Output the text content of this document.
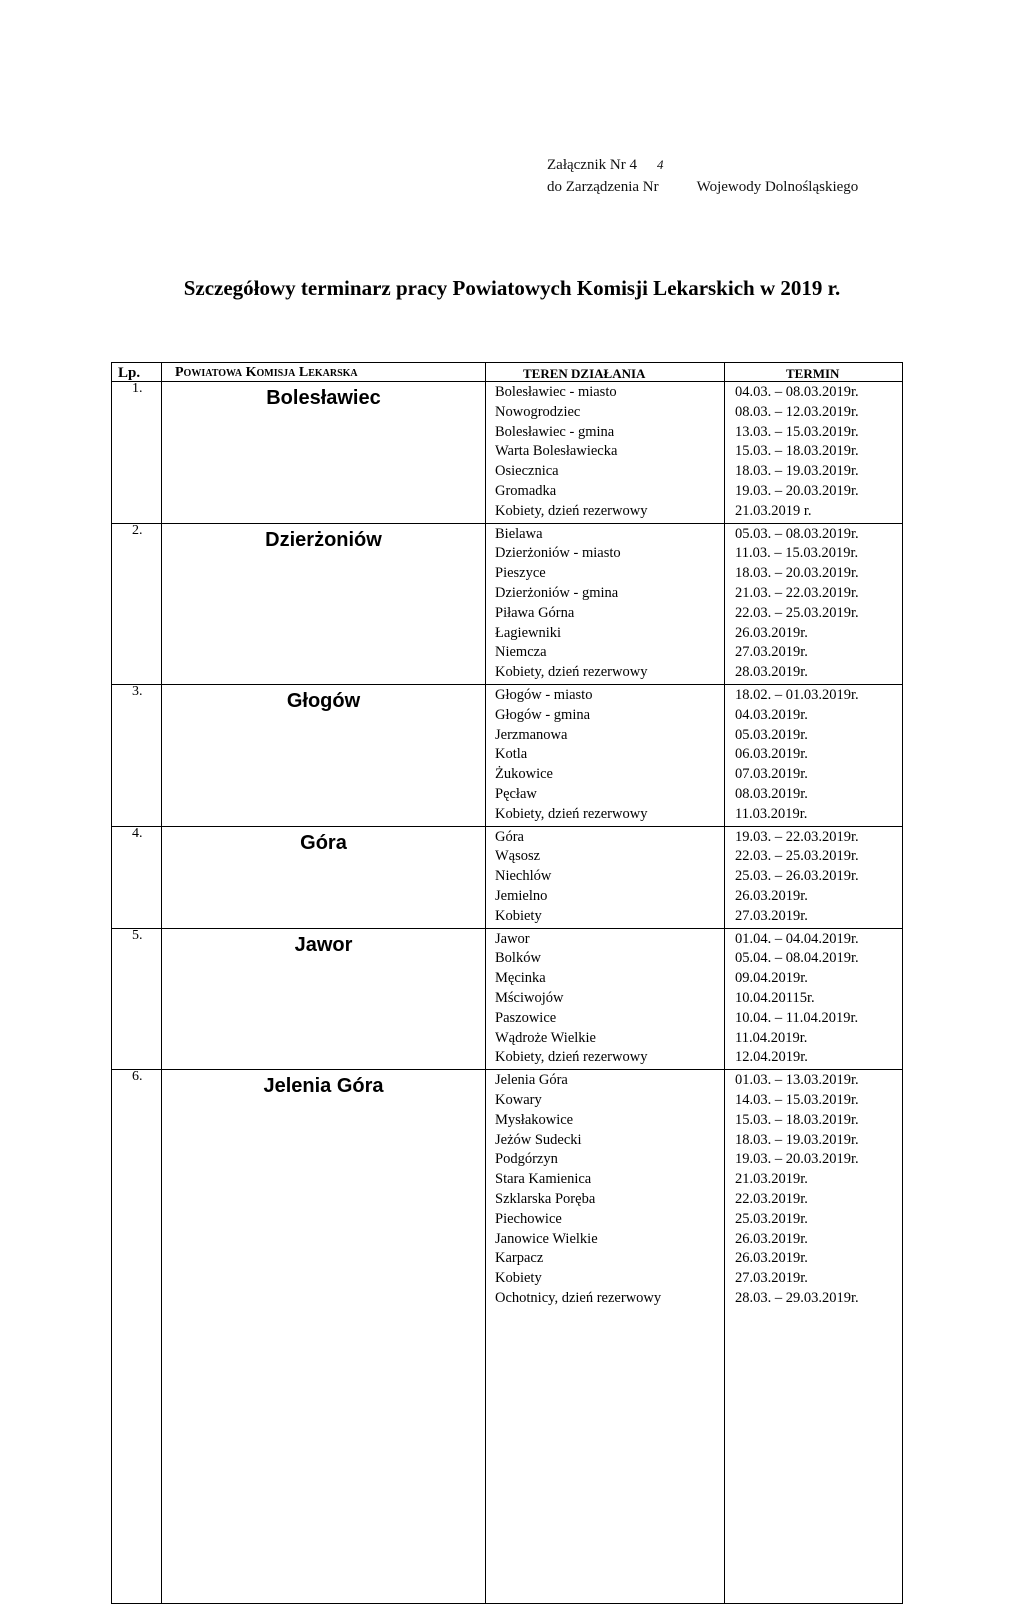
Załącznik Nr 4 4
do Zarządzenia Nr	Wojewody Dolnośląskiego
Szczegółowy terminarz pracy Powiatowych Komisji Lekarskich w 2019 r.
Lp. Powiatowa Komisja Lekarska	TEREN DZIAŁANIA	TERMIN
1.	Bolesławiec	Bolesławiec - miasto	04.03. – 08.03.2019r.
Nowogrodziec	08.03. – 12.03.2019r.
Bolesławiec - gmina	13.03. – 15.03.2019r.
Warta Bolesławiecka	15.03. – 18.03.2019r.
Osiecznica	18.03. – 19.03.2019r.
Gromadka	19.03. – 20.03.2019r.
Kobiety, dzień rezerwowy	21.03.2019 r.
2.	Dzierżoniów	Bielawa	05.03. – 08.03.2019r.
Dzierżoniów - miasto	11.03. – 15.03.2019r.
Pieszyce	18.03. – 20.03.2019r.
Dzierżoniów - gmina	21.03. – 22.03.2019r.
Piława Górna	22.03. – 25.03.2019r.
Łagiewniki	26.03.2019r.
Niemcza	27.03.2019r.
Kobiety, dzień rezerwowy	28.03.2019r.
3.	Głogów	Głogów - miasto	18.02. – 01.03.2019r.
Głogów - gmina	04.03.2019r.
Jerzmanowa	05.03.2019r.
Kotla	06.03.2019r.
Żukowice	07.03.2019r.
Pęcław	08.03.2019r.
Kobiety, dzień rezerwowy	11.03.2019r.
4.	Góra	Góra	19.03. – 22.03.2019r.
Wąsosz	22.03. – 25.03.2019r.
Niechlów	25.03. – 26.03.2019r.
Jemielno	26.03.2019r.
Kobiety	27.03.2019r.
5.	Jawor	Jawor	01.04. – 04.04.2019r.
Bolków	05.04. – 08.04.2019r.
Męcinka	09.04.2019r.
Mściwojów	10.04.20115r.
Paszowice	10.04. – 11.04.2019r.
Wądroże Wielkie	11.04.2019r.
Kobiety, dzień rezerwowy	12.04.2019r.
6.	Jelenia Góra	Jelenia Góra	01.03. – 13.03.2019r.
Kowary	14.03. – 15.03.2019r.
Mysłakowice	15.03. – 18.03.2019r.
Jeżów Sudecki	18.03. – 19.03.2019r.
Podgórzyn	19.03. – 20.03.2019r.
Stara Kamienica	21.03.2019r.
Szklarska Poręba	22.03.2019r.
Piechowice	25.03.2019r.
Janowice Wielkie	26.03.2019r.
Karpacz	26.03.2019r.
Kobiety	27.03.2019r.
Ochotnicy, dzień rezerwowy	28.03. – 29.03.2019r.
